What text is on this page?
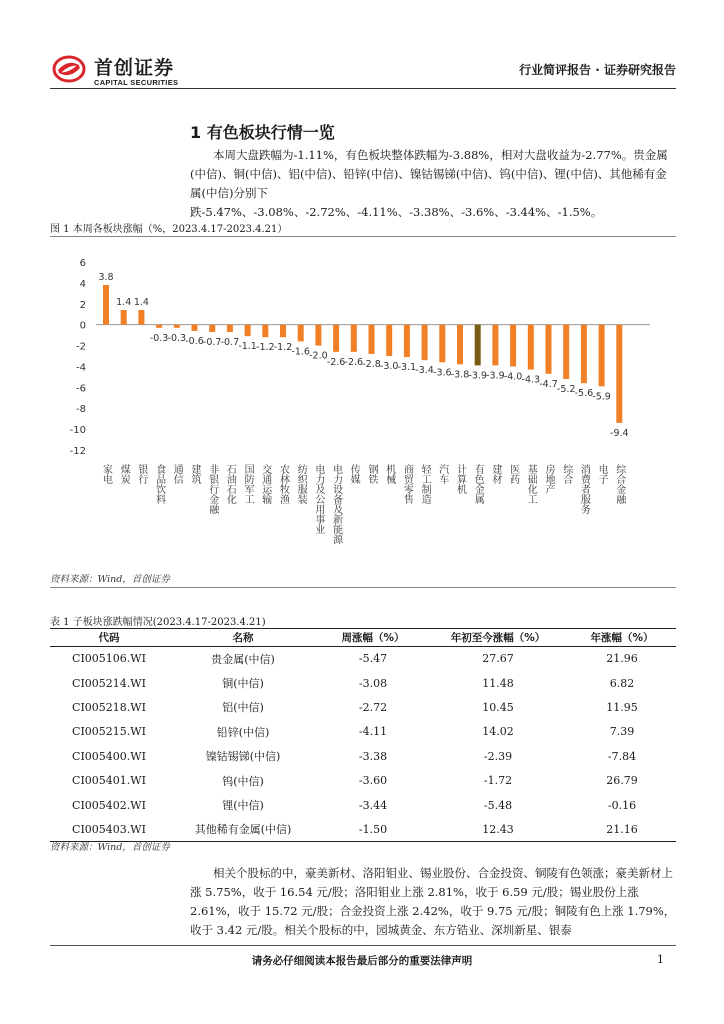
首创证券
CAPITAL SECURITIES
行业简评报告 · 证券研究报告
1 有色板块行情一览
本周大盘跌幅为-1.11%，有色板块整体跌幅为-3.88%，相对大盘收益为-2.77%。贵金属(中信)、铜(中信)、铝(中信)、铅锌(中信)、镍钴锡锑(中信)、钨(中信)、锂(中信)、其他稀有金属(中信)分别下跌-5.47%、-3.08%、-2.72%、-4.11%、-3.38%、-3.6%、-3.44%、-1.5%。
图 1 本周各板块涨幅（%，2023.4.17-2023.4.21）
6
4
2
0
-2
-4
-6
-8
-10
-12
3.8
家电
1.4
煤炭
1.4
银行
-0.3
食品饮料
-0.3
通信
-0.6
建筑
-0.7
非银行金融
-0.7
石油石化
-1.1
国防军工
-1.2
交通运输
-1.2
农林牧渔
-1.6
纺织服装
-2.0
电力及公用事业
-2.6
电力设备及新能源
-2.6
传媒
-2.8
钢铁
-3.0
机械
-3.1
商贸零售
-3.4
轻工制造
-3.6
汽车
-3.8
计算机
-3.9
有色金属
-3.9
建材
-4.0
医药
-4.3
基础化工
-4.7
房地产
-5.2
综合
-5.6
消费者服务
-5.9
电子
-9.4
综合金融
资料来源：Wind，首创证券
表 1 子板块涨跌幅情况(2023.4.17-2023.4.21)
代码	名称	周涨幅（%）	年初至今涨幅（%）	年涨幅（%）
CI005106.WI	贵金属(中信)	-5.47	27.67	21.96
CI005214.WI	铜(中信)	-3.08	11.48	6.82
CI005218.WI	铝(中信)	-2.72	10.45	11.95
CI005215.WI	铅锌(中信)	-4.11	14.02	7.39
CI005400.WI	镍钴锡锑(中信)	-3.38	-2.39	-7.84
CI005401.WI	钨(中信)	-3.60	-1.72	26.79
CI005402.WI	锂(中信)	-3.44	-5.48	-0.16
CI005403.WI	其他稀有金属(中信)	-1.50	12.43	21.16
资料来源：Wind，首创证券
相关个股标的中，豪美新材、洛阳钼业、锡业股份、合金投资、铜陵有色领涨；豪美新材上涨 5.75%，收于 16.54 元/股；洛阳钼业上涨 2.81%，收于 6.59 元/股；锡业股份上涨 2.61%，收于 15.72 元/股；合金投资上涨 2.42%，收于 9.75 元/股；铜陵有色上涨 1.79%，收于 3.42 元/股。相关个股标的中，园城黄金、东方锆业、深圳新星、银泰
请务必仔细阅读本报告最后部分的重要法律声明	1
